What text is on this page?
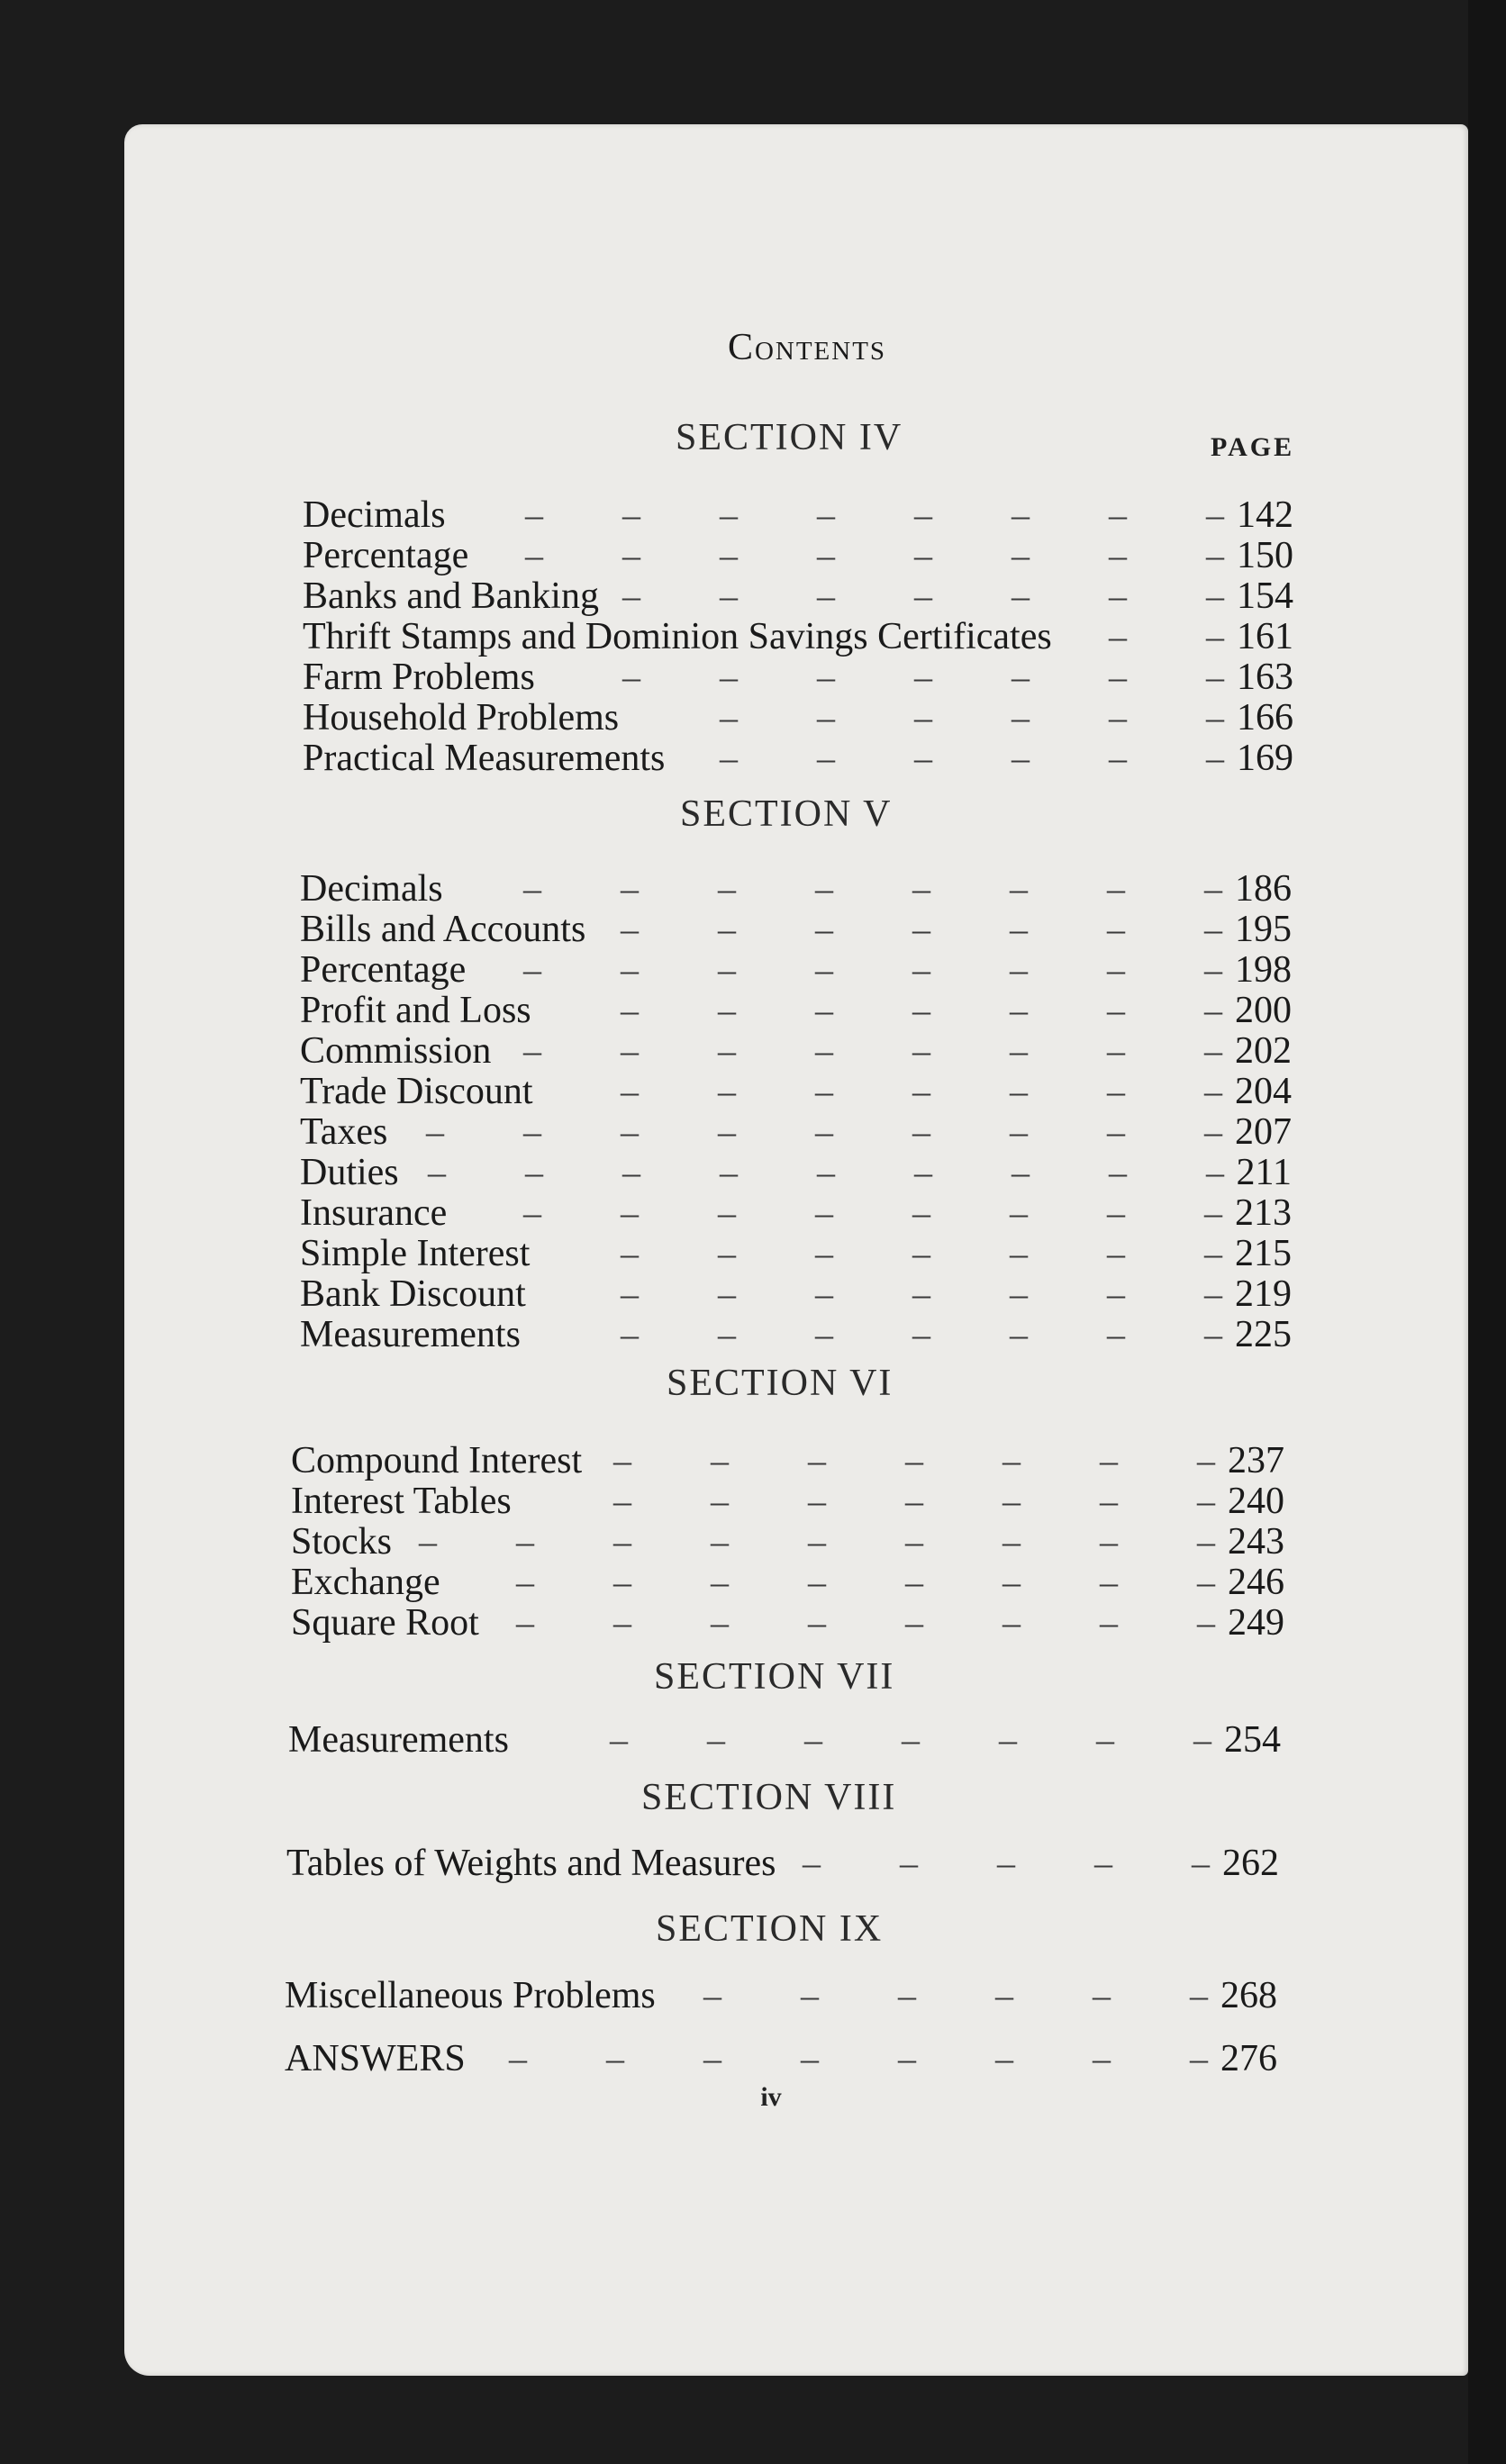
Contents
PAGE
SECTION IV
Decimals – – – – – – – – 142
Percentage – – – – – – – – 150
Banks and Banking – – – – – – – 154
Thrift Stamps and Dominion Savings Certificates – – 161
Farm Problems – – – – – – – 163
Household Problems	– – – – – – 166
Practical Measurements – – – – – – 169
SECTION V
Decimals – – – – – – – – 186
Bills and Accounts – – – – – – – 195
Percentage – – – – – – – – 198
Profit and Loss – – – – – – – 200
Commission – – – – – – – – 202
Trade Discount – – – – – – – 204
Taxes – – – – – – – – – 207
Duties – – – – – – – – – 211
Insurance – – – – – – – – 213
Simple Interest	– – – – – – – 215
Bank Discount	– – – – – – – 219
Measurements	– – – – – – – 225
SECTION VI
Compound Interest – – – – – – – 237
Interest Tables	– – – – – – – 240
Stocks – – – – – – – – – 243
Exchange – – – – – – – – 246
Square Root – – – – – – – – 249
SECTION VII
Measurements	– – – – – – – 254
SECTION VIII
Tables of Weights and Measures – – – – – 262
SECTION IX
Miscellaneous Problems – – – – – – 268
ANSWERS – – – – – – – – 276
iv
